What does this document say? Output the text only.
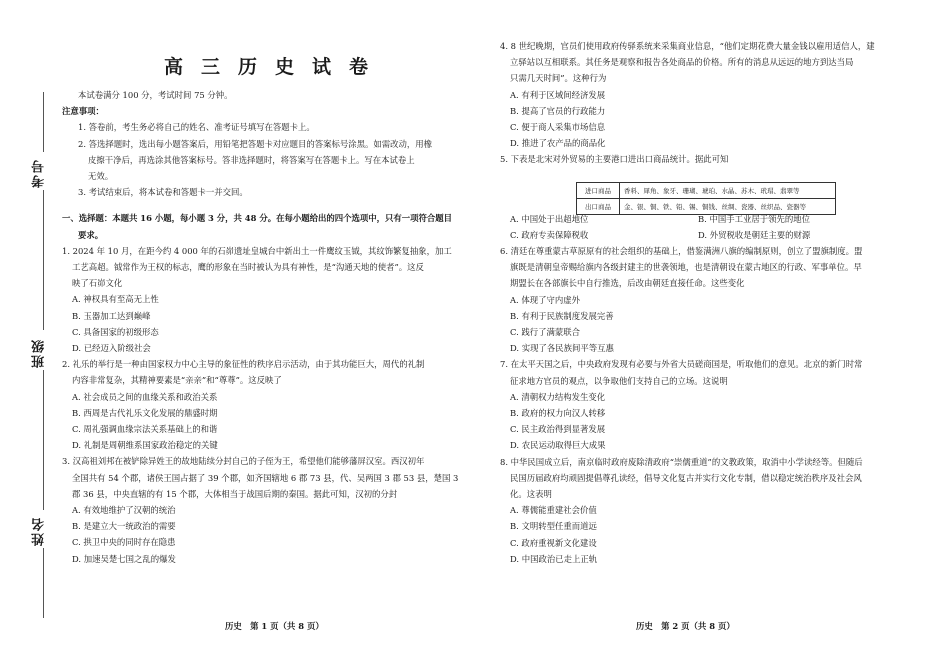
考号
班级
姓名
高三历史试卷

本试卷满分 100 分，考试时间 75 分钟。

注意事项：

1. 答卷前，考生务必将自己的姓名、准考证号填写在答题卡上。

2. 答选择题时，选出每小题答案后，用铅笔把答题卡对应题目的答案标号涂黑。如需改动，用橡

皮擦干净后，再选涂其他答案标号。答非选择题时，将答案写在答题卡上。写在本试卷上

无效。

3. 考试结束后，将本试卷和答题卡一并交回。

一、选择题：本题共 16 小题，每小题 3 分，共 48 分。在每小题给出的四个选项中，只有一项符合题目

要求。

1. 2024 年 10 月，在距今约 4 000 年的石峁遗址皇城台中新出土一件鹰纹玉钺，其纹饰繁复抽象，加工

工艺高超。钺常作为王权的标志，鹰的形象在当时被认为具有神性，是“沟通天地的使者”。这反

映了石峁文化

A. 神权具有至高无上性

B. 玉器加工达到巅峰

C. 具备国家的初级形态

D. 已经迈入阶级社会

2. 礼乐的举行是一种由国家权力中心主导的象征性的秩序启示活动，由于其功能巨大，周代的礼制

内容非常复杂，其精神要素是“亲亲”和“尊尊”。这反映了

A. 社会成员之间的血缘关系和政治关系

B. 西周是古代礼乐文化发展的鼎盛时期

C. 周礼强调血缘宗法关系基础上的和谐

D. 礼制是周朝维系国家政治稳定的关键

3. 汉高祖刘邦在被铲除异姓王的故地陆续分封自己的子侄为王，希望他们能够藩屏汉室。西汉初年

全国共有 54 个郡，诸侯王国占据了 39 个郡，如齐国辖地 6 郡 73 县，代、吴两国 3 郡 53 县，楚国 3

郡 36 县，中央直辖的有 15 个郡，大体相当于战国后期的秦国。据此可知，汉初的分封

A. 有效地维护了汉朝的统治

B. 是建立大一统政治的需要

C. 拱卫中央的同时存在隐患

D. 加速吴楚七国之乱的爆发

历史　第 1 页（共 8 页）

4. 8 世纪晚期，官员们使用政府传驿系统来采集商业信息，“他们定期花费大量金钱以雇用适信人，建

立驿站以互相联系。其任务是观察和报告各处商品的价格。所有的消息从远远的地方到达当局

只需几天时间”。这种行为

A. 有利于区域间经济发展

B. 提高了官员的行政能力

C. 便于商人采集市场信息

D. 推进了农产品的商品化

5. 下表是北宋对外贸易的主要港口进出口商品统计。据此可知

A. 中国处于出超地位	B. 中国手工业居于领先的地位
C. 政府专卖保障税收	D. 外贸税收是朝廷主要的财源

6. 清廷在尊重蒙古草原原有的社会组织的基础上，借鉴满洲八旗的编制原则，创立了盟旗制度。盟

旗既是清朝皇帝赐给旗内各级封建主的世袭领地，也是清朝设在蒙古地区的行政、军事单位。早

期盟长在各部旗长中自行推选，后改由朝廷直接任命。这些变化

A. 体现了守内虚外

B. 有利于民族制度发展完善

C. 践行了满蒙联合

D. 实现了各民族间平等互惠

7. 在太平天国之后，中央政府发现有必要与外省大员磋商国是，听取他们的意见。北京的新门时常

征求地方官员的观点，以争取他们支持自己的立场。这说明

A. 清朝权力结构发生变化

B. 政府的权力向汉人转移

C. 民主政治得到显著发展

D. 农民运动取得巨大成果

8. 中华民国成立后，南京临时政府废除清政府“崇儒重道”的文教政策，取消中小学读经等。但随后

民国历届政府均顽固提倡尊孔读经，倡导文化复古并实行文化专制，借以稳定统治秩序及社会风

化。这表明

A. 尊儒能重建社会价值

B. 文明转型任重而道远

C. 政府重视新文化建设

D. 中国政治已走上正轨

进口商品	香料、犀角、象牙、珊瑚、琥珀、水晶、苏木、玳瑁、翡翠等
出口商品	金、银、铜、铁、铅、锡、铜钱、丝绸、瓷器、丝织品、瓷器等
历史　第 2 页（共 8 页）
